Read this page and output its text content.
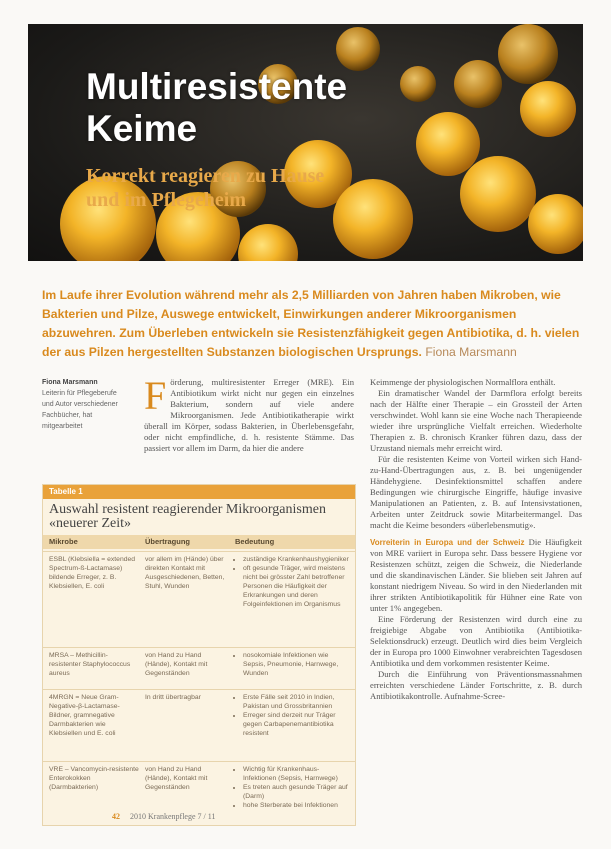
Multiresistente Keime
Korrekt reagieren zu Hause und im Pflegeheim

Im Laufe ihrer Evolution während mehr als 2,5 Milliarden von Jahren haben Mikroben, wie Bakterien und Pilze, Auswege entwickelt, Einwirkungen anderer Mikroorganismen abzuwehren. Zum Überleben entwickeln sie Resistenzfähigkeit gegen Antibiotika, d. h. vielen der aus Pilzen hergestellten Substanzen biologischen Ursprungs. Fiona Marsmann

Fiona Marsmann
Leiterin für Pflegeberufe und Autor verschiedener Fachbücher, hat mitgearbeitet

F örderung, multiresistenter Erreger (MRE). Ein Antibiotikum wirkt nicht nur gegen ein einzelnes Bakterium, sondern auf viele andere Mikroorganismen. Jede Antibiotikatherapie wirkt überall im Körper, sodass Bakterien, in Überlebensgefahr, oder nicht empfindliche, d. h. resistente Stämme. Das passiert vor allem im Darm, da hier die andere

Keimmenge der physiologischen Normalflora enthält.

Ein dramatischer Wandel der Darmflora erfolgt bereits nach der Hälfte einer Therapie – ein Grossteil der Arten verschwindet. Wohl kann sie eine Woche nach Therapieende wieder ihre ursprüngliche Vielfalt erreichen. Wiederholte Therapien z. B. chronisch Kranker führen dazu, dass der Urzustand niemals mehr erreicht wird.

Für die resistenten Keime von Vorteil wirken sich Hand-zu-Hand-Übertragungen aus, z. B. bei ungenügender Händehygiene. Desinfektionsmittel schaffen andere Bedingungen wie chirurgische Eingriffe, häufige invasive Manipulationen an Patienten, z. B. auf Intensivstationen, Arbeiten unter Zeitdruck sowie Mitarbeitermangel. Das macht die Keime besonders «überlebensmutig».

Vorreiterin in Europa und der Schweiz Die Häufigkeit von MRE variiert in Europa sehr. Dass bessere Hygiene vor Resistenzen schützt, zeigen die Schweiz, die Niederlande und die skandinavischen Länder. Sie blieben seit Jahren auf konstant niedrigem Niveau. So wird in den Niederlanden mit ihrer strikten Antibiotikapolitik für Hühner eine Rate von unter 1% angegeben.

Eine Förderung der Resistenzen wird durch eine zu freigiebige Abgabe von Antibiotika (Antibiotika-Selektionsdruck) erzeugt. Deutlich wird dies beim Vergleich der in Europa pro 1000 Einwohner verabreichten Tagesdosen Antibiotika und dem vorkommen resistenter Keime.

Durch die Einführung von Präventionsmassnahmen erreichten verschiedene Länder Fortschritte, z. B. durch Antibiotikakontrolle. Aufnahme-Scree-

Tabelle 1

Auswahl resistent reagierender Mikroorganismen «neuerer Zeit»

Mikrobe	Übertragung	Bedeutung
ESBL (Klebsiella = extended Spectrum-ß-Lactamase) bildende Erreger, z. B. Klebsiellen, E. coli
vor allem im (Hände) über direkten Kontakt mit Ausgeschiedenen, Betten, Stuhl, Wunden
• zuständige Krankenhaushygieniker
• oft gesunde Träger, wird meistens nicht bei grösster Zahl betroffener Personen die Häufigkeit der Erkrankungen und deren Folgeinfektionen im Organismus
MRSA – Methicillin-resistenter Staphylococcus aureus
von Hand zu Hand (Hände), Kontakt mit Gegenständen
• nosokomiale Infektionen wie Sepsis, Pneumonie, Harnwege, Wunden
4MRGN = Neue Gram-Negative-β-Lactamase-Bildner, gramnegative Darmbakterien wie Klebsiellen und E. coli
In dritt übertragbar
•	Erste Fälle seit 2010 in Indien, Pakistan und Grossbritannien
• Erreger sind derzeit nur Träger gegen Carbapenemantibiotika resistent
VRE – Vancomycin-resistente Enterokokken (Darmbakterien)
von Hand zu Hand (Hände), Kontakt mit Gegenständen
• Wichtig für Krankenhaus-Infektionen (Sepsis, Harnwege)
• Es treten auch gesunde Träger auf (Darm)
• hohe Sterberate bei Infektionen
42 2010 Krankenpflege 7 / 11
